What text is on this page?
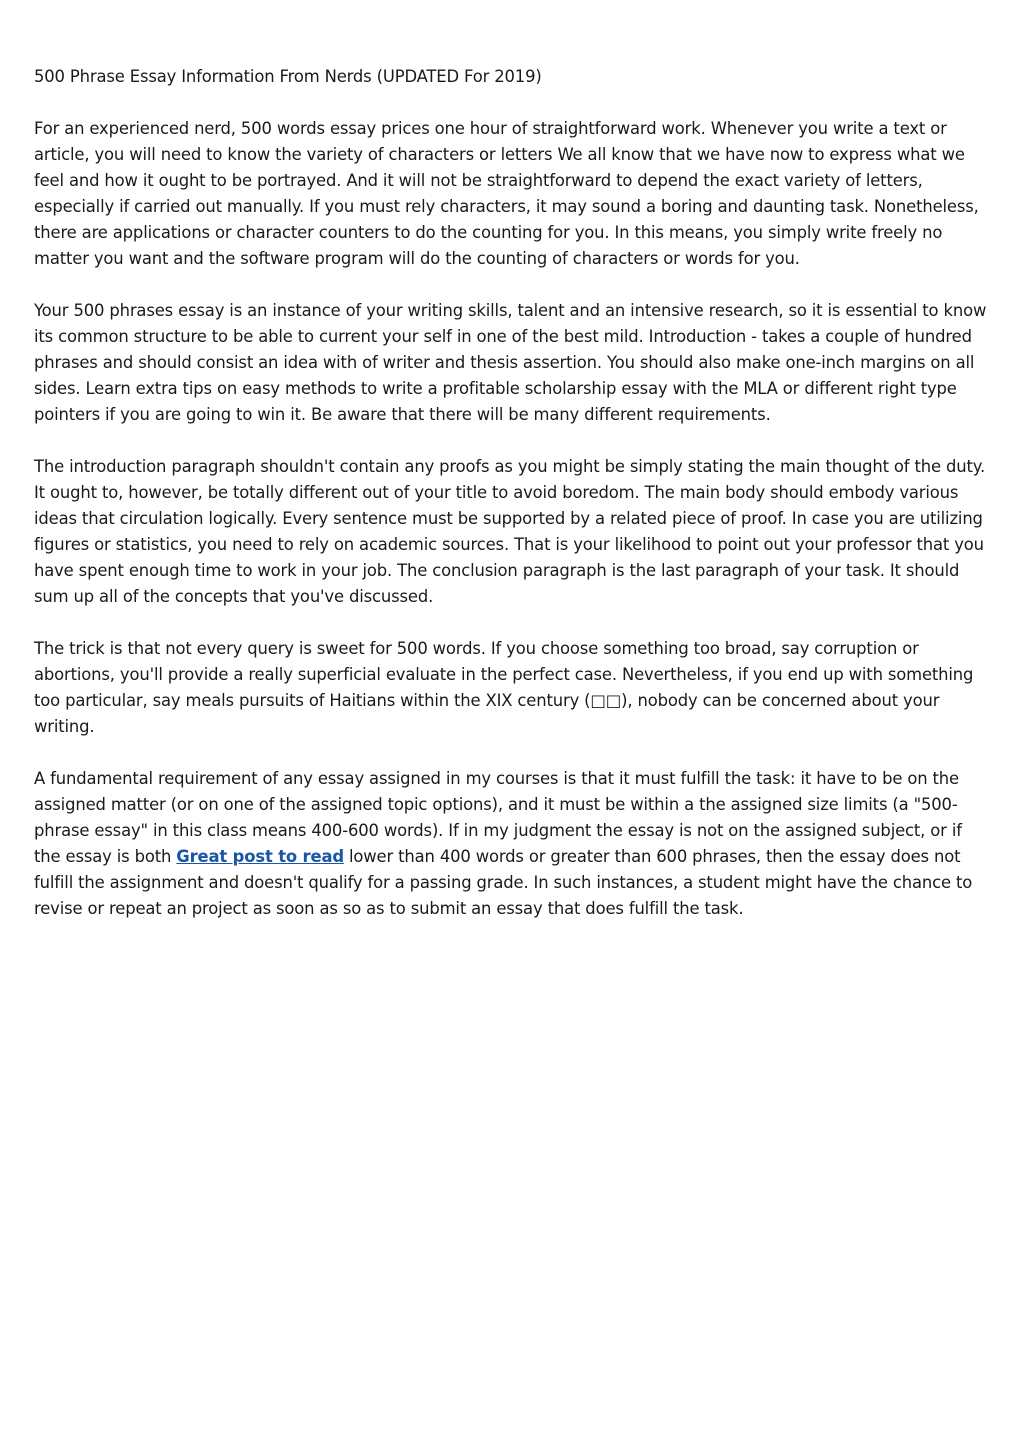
500 Phrase Essay Information From Nerds (UPDATED For 2019)

For an experienced nerd, 500 words essay prices one hour of straightforward work. Whenever you write a text or article, you will need to know the variety of characters or letters We all know that we have now to express what we feel and how it ought to be portrayed. And it will not be straightforward to depend the exact variety of letters, especially if carried out manually. If you must rely characters, it may sound a boring and daunting task. Nonetheless, there are applications or character counters to do the counting for you. In this means, you simply write freely no matter you want and the software program will do the counting of characters or words for you.

Your 500 phrases essay is an instance of your writing skills, talent and an intensive research, so it is essential to know its common structure to be able to current your self in one of the best mild. Introduction - takes a couple of hundred phrases and should consist an idea with of writer and thesis assertion. You should also make one-inch margins on all sides. Learn extra tips on easy methods to write a profitable scholarship essay with the MLA or different right type pointers if you are going to win it. Be aware that there will be many different requirements.

The introduction paragraph shouldn't contain any proofs as you might be simply stating the main thought of the duty. It ought to, however, be totally different out of your title to avoid boredom. The main body should embody various ideas that circulation logically. Every sentence must be supported by a related piece of proof. In case you are utilizing figures or statistics, you need to rely on academic sources. That is your likelihood to point out your professor that you have spent enough time to work in your job. The conclusion paragraph is the last paragraph of your task. It should sum up all of the concepts that you've discussed.

The trick is that not every query is sweet for 500 words. If you choose something too broad, say corruption or abortions, you'll provide a really superficial evaluate in the perfect case. Nevertheless, if you end up with something too particular, say meals pursuits of Haitians within the XIX century (□□), nobody can be concerned about your writing.

A fundamental requirement of any essay assigned in my courses is that it must fulfill the task: it have to be on the assigned matter (or on one of the assigned topic options), and it must be within a the assigned size limits (a "500-phrase essay" in this class means 400-600 words). If in my judgment the essay is not on the assigned subject, or if the essay is both Great post to read lower than 400 words or greater than 600 phrases, then the essay does not fulfill the assignment and doesn't qualify for a passing grade. In such instances, a student might have the chance to revise or repeat an project as soon as so as to submit an essay that does fulfill the task.
